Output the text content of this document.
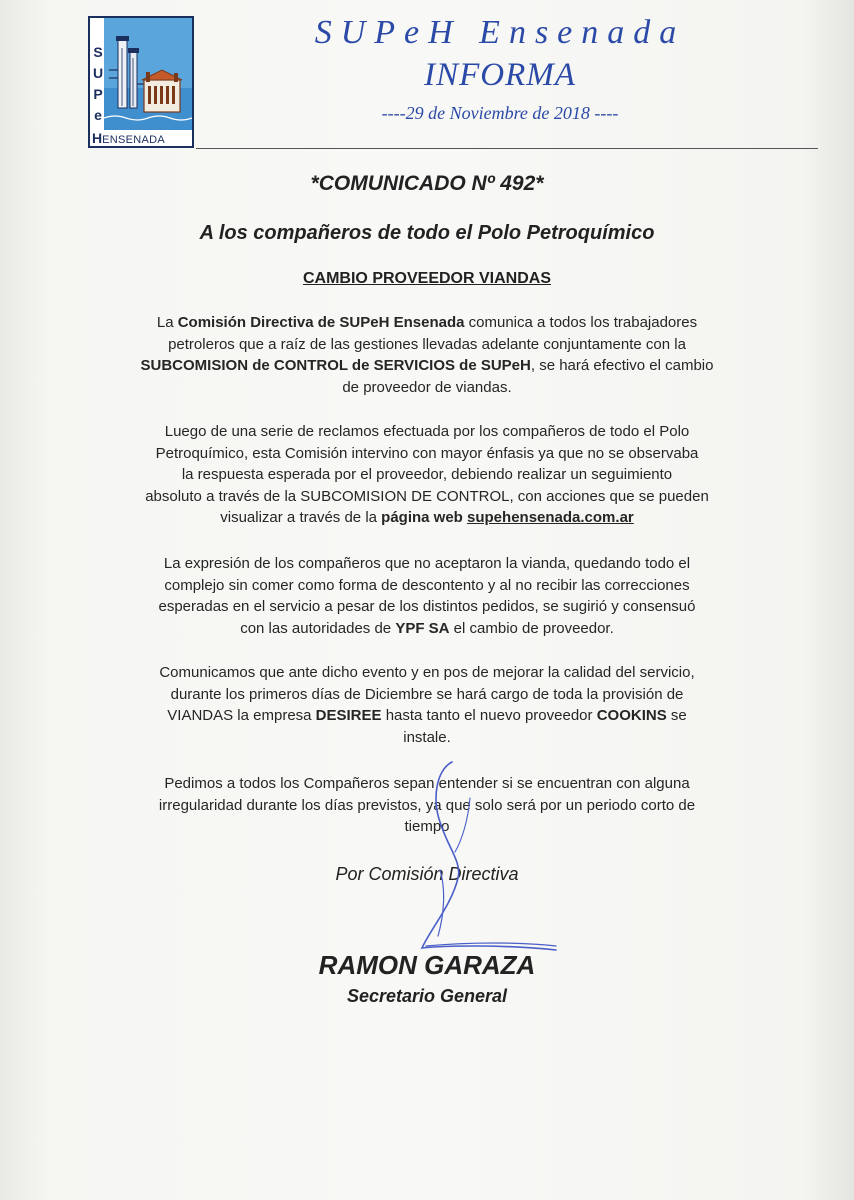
S
U
P
e
HENSENADA
SUPeH Ensenada
INFORMA
----29 de Noviembre de 2018 ----
*COMUNICADO Nº 492*
A los compañeros de todo el Polo Petroquímico
CAMBIO PROVEEDOR VIANDAS
La Comisión Directiva de SUPeH Ensenada comunica a todos los trabajadores
petroleros que a raíz de las gestiones llevadas adelante conjuntamente con la
SUBCOMISION de CONTROL de SERVICIOS de SUPeH, se hará efectivo el cambio
de proveedor de viandas.
Luego de una serie de reclamos efectuada por los compañeros de todo el Polo
Petroquímico, esta Comisión intervino con mayor énfasis ya que no se observaba
la respuesta esperada por el proveedor, debiendo realizar un seguimiento
absoluto a través de la SUBCOMISION DE CONTROL, con acciones que se pueden
visualizar a través de la página web supehensenada.com.ar
La expresión de los compañeros que no aceptaron la vianda, quedando todo el
complejo sin comer como forma de descontento y al no recibir las correcciones
esperadas en el servicio a pesar de los distintos pedidos, se sugirió y consensuó
con las autoridades de YPF SA el cambio de proveedor.
Comunicamos que ante dicho evento y en pos de mejorar la calidad del servicio,
durante los primeros días de Diciembre se hará cargo de toda la provisión de
VIANDAS la empresa DESIREE hasta tanto el nuevo proveedor COOKINS se
instale.
Pedimos a todos los Compañeros sepan entender si se encuentran con alguna
irregularidad durante los días previstos, ya que solo será por un periodo corto de
tiempo
Por Comisión Directiva
RAMON GARAZA
Secretario General
